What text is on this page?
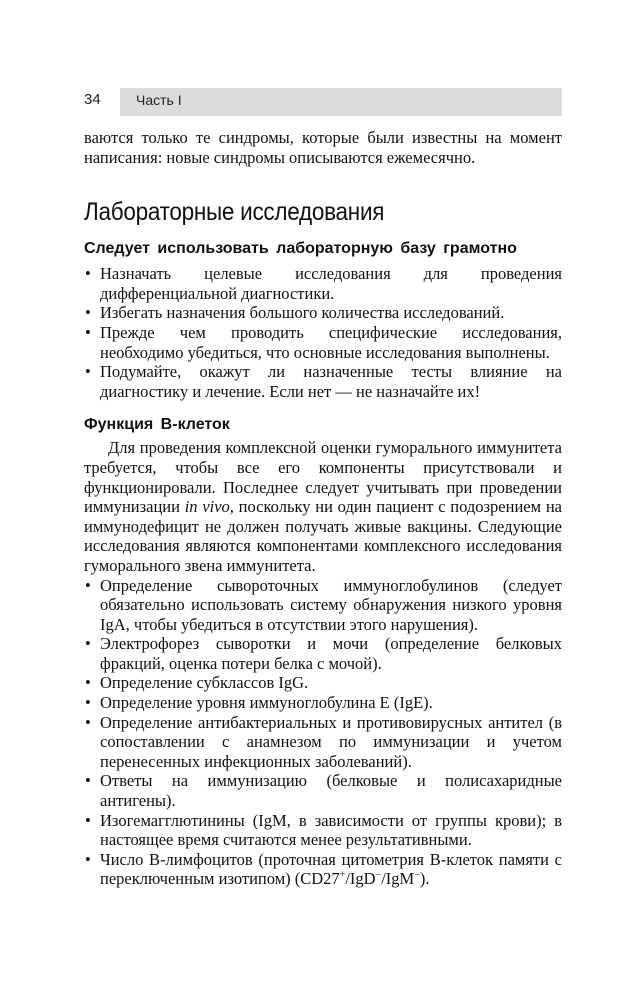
34	Часть I

ваются только те синдромы, которые были известны на момент написания: новые синдромы описываются ежемесячно.

Лабораторные исследования
Следует использовать лабораторную базу грамотно
• Назначать целевые исследования для проведения дифференциальной диагностики.
• Избегать назначения большого количества исследований.
• Прежде чем проводить специфические исследования, необходимо убедиться, что основные исследования выполнены.
• Подумайте, окажут ли назначенные тесты влияние на диагностику и лечение. Если нет — не назначайте их!
Функция В-клеток

Для проведения комплексной оценки гуморального иммунитета требуется, чтобы все его компоненты присутствовали и функционировали. Последнее следует учитывать при проведении иммунизации in vivo, поскольку ни один пациент с подозрением на иммунодефицит не должен получать живые вакцины. Следующие исследования являются компонентами комплексного исследования гуморального звена иммунитета.

• Определение сывороточных иммуноглобулинов (следует обязательно использовать систему обнаружения низкого уровня IgA, чтобы убедиться в отсутствии этого нарушения).
• Электрофорез сыворотки и мочи (определение белковых фракций, оценка потери белка с мочой).
• Определение субклассов IgG.
• Определение уровня иммуноглобулина Е (IgE).
• Определение антибактериальных и противовирусных антител (в сопоставлении с анамнезом по иммунизации и учетом перенесенных инфекционных заболеваний).
• Ответы на иммунизацию (белковые и полисахаридные антигены).
• Изогемагглютинины (IgM, в зависимости от группы крови); в настоящее время считаются менее результативными.
• Число В-лимфоцитов (проточная цитометрия В-клеток памяти с переключенным изотипом) (CD27+/IgD−/IgM−).
